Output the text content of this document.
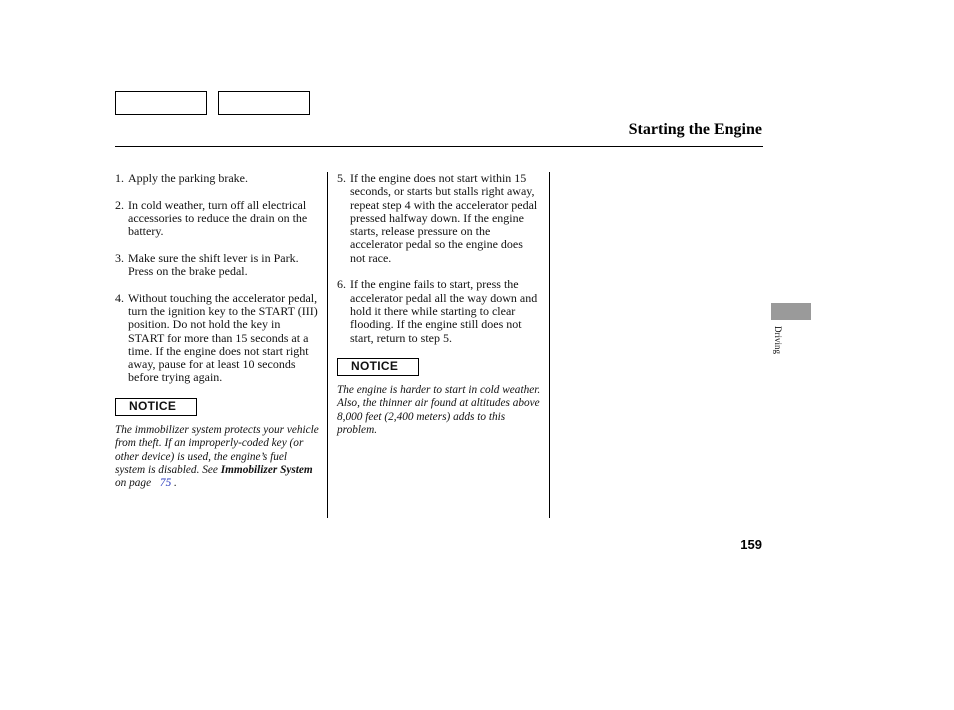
Starting the Engine
1. Apply the parking brake.
2. In cold weather, turn off all electrical accessories to reduce the drain on the battery.
3. Make sure the shift lever is in Park. Press on the brake pedal.
4. Without touching the accelerator pedal, turn the ignition key to the START (III) position. Do not hold the key in START for more than 15 seconds at a time. If the engine does not start right away, pause for at least 10 seconds before trying again.
NOTICE
The immobilizer system protects your vehicle from theft. If an improperly-coded key (or other device) is used, the engine’s fuel system is disabled. See Immobilizer System on page 75 .
5. If the engine does not start within 15 seconds, or starts but stalls right away, repeat step 4 with the accelerator pedal pressed halfway down. If the engine starts, release pressure on the accelerator pedal so the engine does not race.
6. If the engine fails to start, press the accelerator pedal all the way down and hold it there while starting to clear flooding. If the engine still does not start, return to step 5.
NOTICE
The engine is harder to start in cold weather. Also, the thinner air found at altitudes above 8,000 feet (2,400 meters) adds to this problem.
Driving
159
